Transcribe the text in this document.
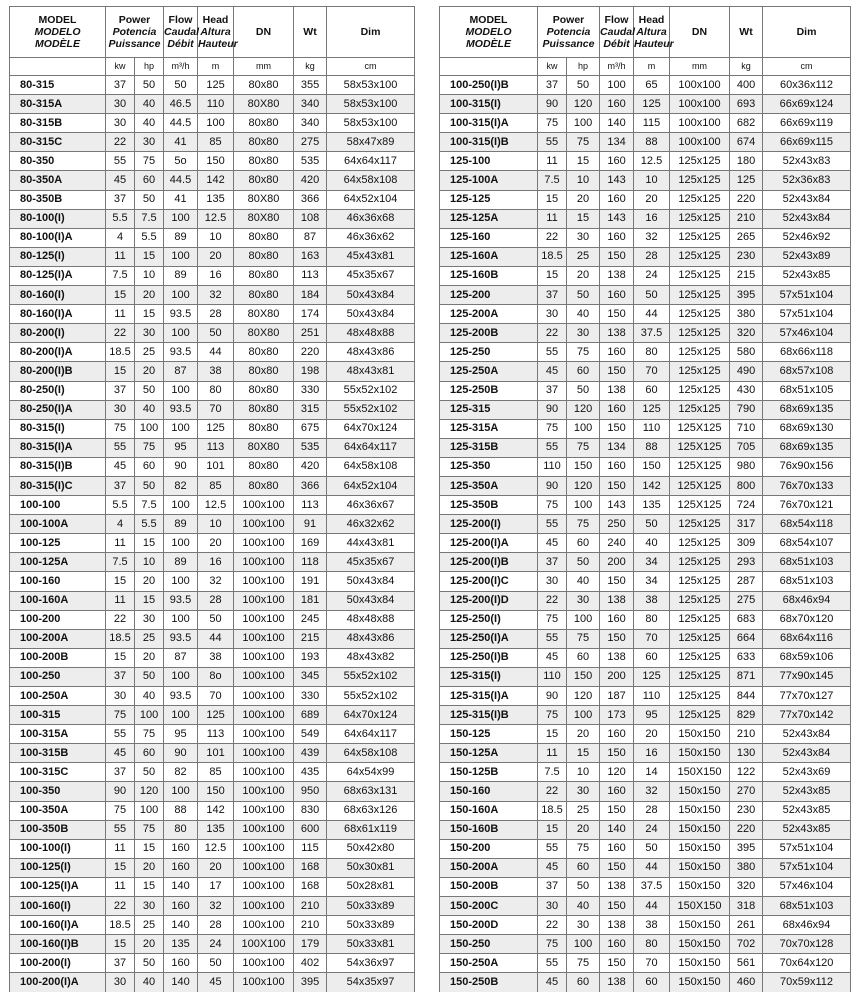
MODEL
MODELO
MODÈLE	Power
Potencia
Puissance		Flow
Caudal
Débit	Head
Altura
Hauteur	DN	Wt	Dim
	kw	hp	m³/h	m	mm	kg	cm
80-315	37	50	50	125	80x80	355	58x53x100
80-315A	30	40	46.5	110	80X80	340	58x53x100
80-315B	30	40	44.5	100	80x80	340	58x53x100
80-315C	22	30	41	85	80x80	275	58x47x89
80-350	55	75	5o	150	80x80	535	64x64x117
80-350A	45	60	44.5	142	80x80	420	64x58x108
80-350B	37	50	41	135	80X80	366	64x52x104
80-100(I)	5.5	7.5	100	12.5	80X80	108	46x36x68
80-100(I)A	4	5.5	89	10	80x80	87	46x36x62
80-125(I)	11	15	100	20	80x80	163	45x43x81
80-125(I)A	7.5	10	89	16	80x80	113	45x35x67
80-160(I)	15	20	100	32	80x80	184	50x43x84
80-160(I)A	11	15	93.5	28	80X80	174	50x43x84
80-200(I)	22	30	100	50	80X80	251	48x48x88
80-200(I)A	18.5	25	93.5	44	80x80	220	48x43x86
80-200(I)B	15	20	87	38	80x80	198	48x43x81
80-250(I)	37	50	100	80	80x80	330	55x52x102
80-250(I)A	30	40	93.5	70	80x80	315	55x52x102
80-315(I)	75	100	100	125	80x80	675	64x70x124
80-315(I)A	55	75	95	113	80X80	535	64x64x117
80-315(I)B	45	60	90	101	80x80	420	64x58x108
80-315(I)C	37	50	82	85	80x80	366	64x52x104
100-100	5.5	7.5	100	12.5	100x100	113	46x36x67
100-100A	4	5.5	89	10	100x100	91	46x32x62
100-125	11	15	100	20	100x100	169	44x43x81
100-125A	7.5	10	89	16	100x100	118	45x35x67
100-160	15	20	100	32	100x100	191	50x43x84
100-160A	11	15	93.5	28	100x100	181	50x43x84
100-200	22	30	100	50	100x100	245	48x48x88
100-200A	18.5	25	93.5	44	100x100	215	48x43x86
100-200B	15	20	87	38	100x100	193	48x43x82
100-250	37	50	100	8o	100x100	345	55x52x102
100-250A	30	40	93.5	70	100x100	330	55x52x102
100-315	75	100	100	125	100x100	689	64x70x124
100-315A	55	75	95	113	100x100	549	64x64x117
100-315B	45	60	90	101	100x100	439	64x58x108
100-315C	37	50	82	85	100x100	435	64x54x99
100-350	90	120	100	150	100x100	950	68x63x131
100-350A	75	100	88	142	100x100	830	68x63x126
100-350B	55	75	80	135	100x100	600	68x61x119
100-100(I)	11	15	160	12.5	100x100	115	50x42x80
100-125(I)	15	20	160	20	100x100	168	50x30x81
100-125(I)A	11	15	140	17	100x100	168	50x28x81
100-160(I)	22	30	160	32	100x100	210	50x33x89
100-160(I)A	18.5	25	140	28	100x100	210	50x33x89
100-160(I)B	15	20	135	24	100X100	179	50x33x81
100-200(I)	37	50	160	50	100x100	402	54x36x97
100-200(I)A	30	40	140	45	100x100	395	54x35x97
MODEL
MODELO
MODÈLE	Power
Potencia
Puissance		Flow
Caudal
Débit	Head
Altura
Hauteur	DN	Wt	Dim
	kw	hp	m³/h	m	mm	kg	cm
100-250(I)B	37	50	100	65	100x100	400	60x36x112
100-315(I)	90	120	160	125	100x100	693	66x69x124
100-315(I)A	75	100	140	115	100x100	682	66x69x119
100-315(I)B	55	75	134	88	100x100	674	66x69x115
125-100	11	15	160	12.5	125x125	180	52x43x83
125-100A	7.5	10	143	10	125x125	125	52x36x83
125-125	15	20	160	20	125x125	220	52x43x84
125-125A	11	15	143	16	125x125	210	52x43x84
125-160	22	30	160	32	125x125	265	52x46x92
125-160A	18.5	25	150	28	125x125	230	52x43x89
125-160B	15	20	138	24	125x125	215	52x43x85
125-200	37	50	160	50	125x125	395	57x51x104
125-200A	30	40	150	44	125x125	380	57x51x104
125-200B	22	30	138	37.5	125x125	320	57x46x104
125-250	55	75	160	80	125x125	580	68x66x118
125-250A	45	60	150	70	125x125	490	68x57x108
125-250B	37	50	138	60	125x125	430	68x51x105
125-315	90	120	160	125	125x125	790	68x69x135
125-315A	75	100	150	110	125X125	710	68x69x130
125-315B	55	75	134	88	125X125	705	68x69x135
125-350	110	150	160	150	125X125	980	76x90x156
125-350A	90	120	150	142	125X125	800	76x70x133
125-350B	75	100	143	135	125X125	724	76x70x121
125-200(I)	55	75	250	50	125x125	317	68x54x118
125-200(I)A	45	60	240	40	125x125	309	68x54x107
125-200(I)B	37	50	200	34	125x125	293	68x51x103
125-200(I)C	30	40	150	34	125x125	287	68x51x103
125-200(I)D	22	30	138	38	125x125	275	68x46x94
125-250(I)	75	100	160	80	125x125	683	68x70x120
125-250(I)A	55	75	150	70	125x125	664	68x64x116
125-250(I)B	45	60	138	60	125x125	633	68x59x106
125-315(I)	110	150	200	125	125x125	871	77x90x145
125-315(I)A	90	120	187	110	125x125	844	77x70x127
125-315(I)B	75	100	173	95	125x125	829	77x70x142
150-125	15	20	160	20	150x150	210	52x43x84
150-125A	11	15	150	16	150x150	130	52x43x84
150-125B	7.5	10	120	14	150X150	122	52x43x69
150-160	22	30	160	32	150x150	270	52x43x85
150-160A	18.5	25	150	28	150x150	230	52x43x85
150-160B	15	20	140	24	150x150	220	52x43x85
150-200	55	75	160	50	150x150	395	57x51x104
150-200A	45	60	150	44	150x150	380	57x51x104
150-200B	37	50	138	37.5	150x150	320	57x46x104
150-200C	30	40	150	44	150X150	318	68x51x103
150-200D	22	30	138	38	150x150	261	68x46x94
150-250	75	100	160	80	150x150	702	70x70x128
150-250A	55	75	150	70	150x150	561	70x64x120
150-250B	45	60	138	60	150x150	460	70x59x112
